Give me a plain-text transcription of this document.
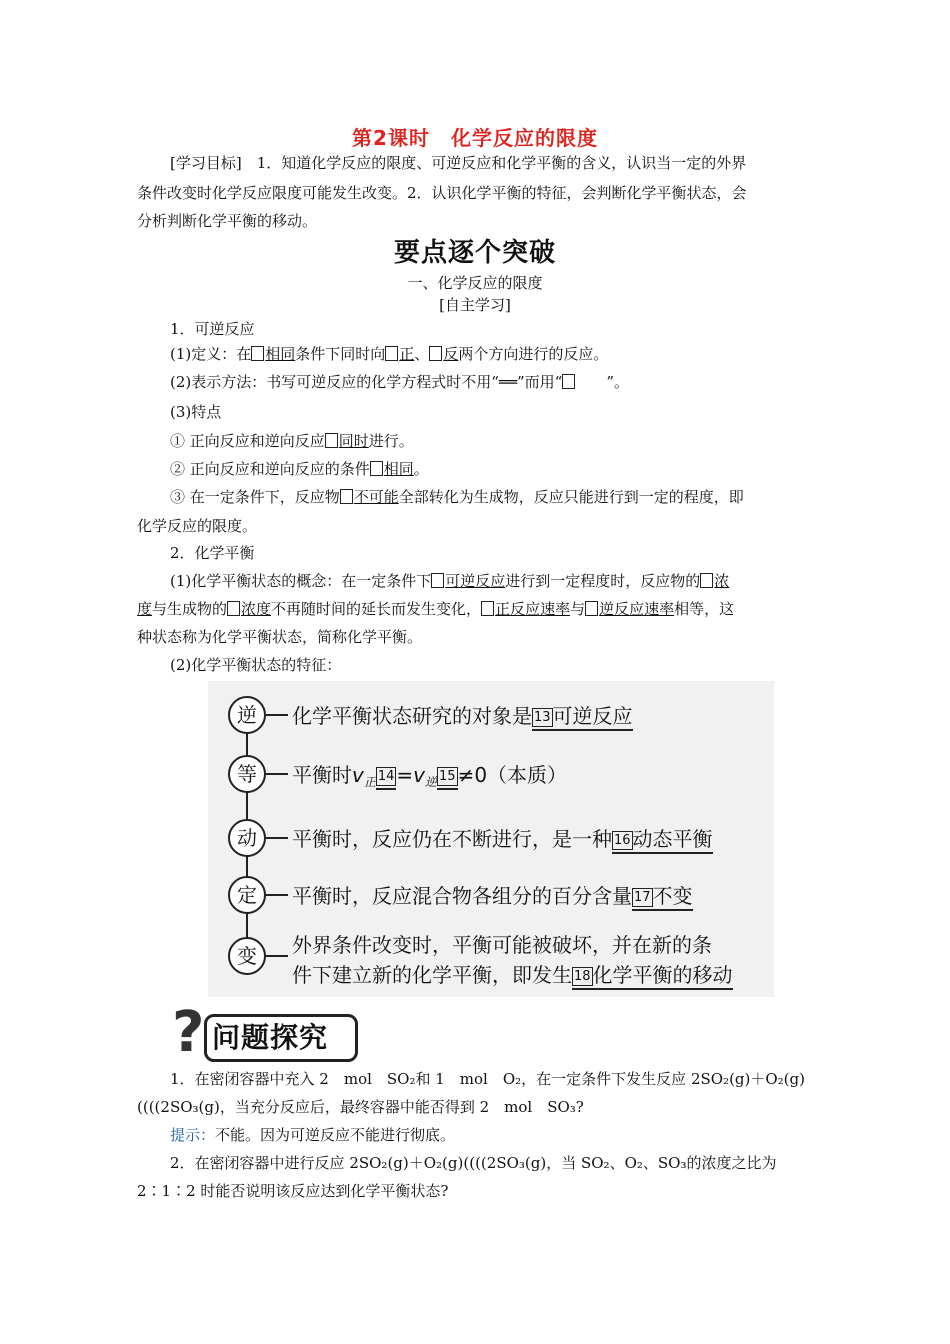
第2课时　化学反应的限度
[学习目标]　1．知道化学反应的限度、可逆反应和化学平衡的含义，认识当一定的外界
条件改变时化学反应限度可能发生改变。2．认识化学平衡的特征，会判断化学平衡状态，会
分析判断化学平衡的移动。
要点逐个突破
一、化学反应的限度
[自主学习]
1．可逆反应
(1)定义：在 相同条件下同时向 正、 反两个方向进行的反应。
(2)表示方法：书写可逆反应的化学方程式时不用“══”而用“　　”。
(3)特点
① 正向反应和逆向反应 同时进行。
② 正向反应和逆向反应的条件 相同。
③ 在一定条件下，反应物 不可能全部转化为生成物，反应只能进行到一定的程度，即
化学反应的限度。
2．化学平衡
(1)化学平衡状态的概念：在一定条件下 可逆反应进行到一定程度时，反应物的 浓
度与生成物的 浓度不再随时间的延长而发生变化， 正反应速率与 逆反应速率相等，这
种状态称为化学平衡状态，简称化学平衡。
(2)化学平衡状态的特征：
逆	化学平衡状态研究的对象是 13 可逆反应
等	平衡时$v_正$ $14 =v_逆$ 15 ≠0（本质）
动	平衡时，反应仍在不断进行，是一种 16 动态平衡
定	平衡时，反应混合物各组分的百分含量 17 不变
变	外界条件改变时，平衡可能被破坏，并在新的条
件下建立新的化学平衡，即发生 18 化学平衡的移动
? 问题探究
1．在密闭容器中充入 2　mol　SO₂和 1　mol　O₂，在一定条件下发生反应 2SO₂(g)＋O₂(g)
((((2SO₃(g)，当充分反应后，最终容器中能否得到 2　mol　SO₃?
提示：不能。因为可逆反应不能进行彻底。
2．在密闭容器中进行反应 2SO₂(g)＋O₂(g)((((2SO₃(g)，当 SO₂、O₂、SO₃的浓度之比为
2∶1∶2 时能否说明该反应达到化学平衡状态?
